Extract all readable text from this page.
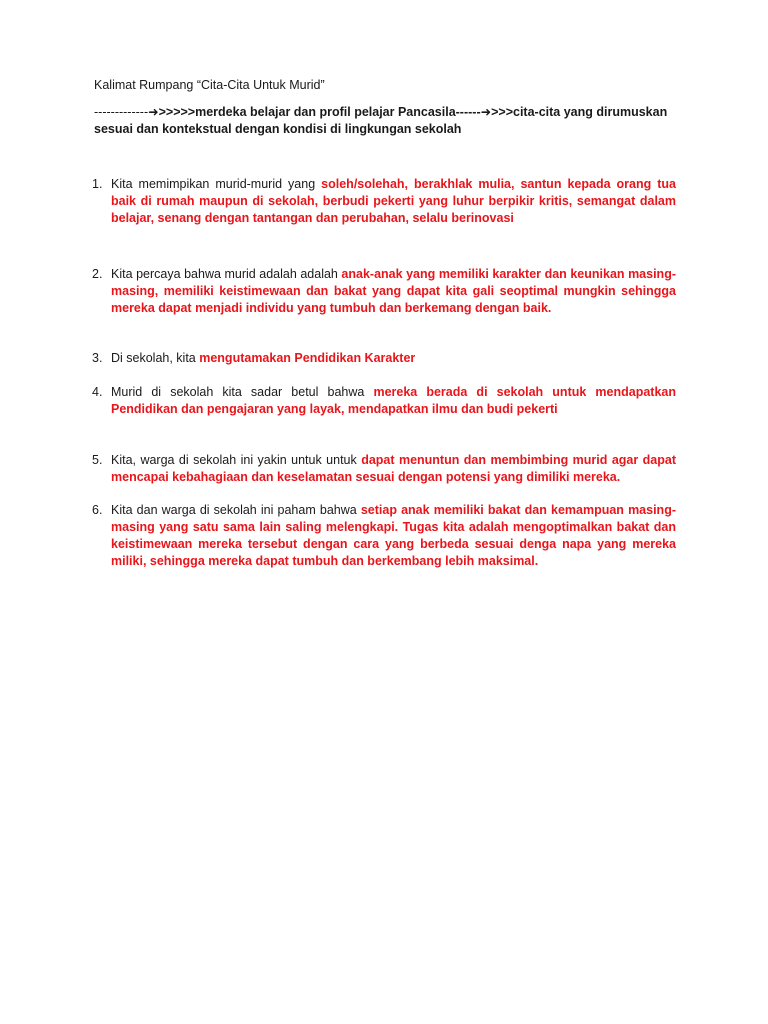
Kalimat Rumpang “Cita-Cita Untuk Murid”
-------------➜>>>>>merdeka belajar dan profil pelajar Pancasila------➜>>>cita-cita yang dirumuskan sesuai dan kontekstual dengan kondisi di lingkungan sekolah
1. Kita memimpikan murid-murid yang soleh/solehah, berakhlak mulia, santun kepada orang tua baik di rumah maupun di sekolah, berbudi pekerti yang luhur berpikir kritis, semangat dalam belajar, senang dengan tantangan dan perubahan, selalu berinovasi
2. Kita percaya bahwa murid adalah adalah anak-anak yang memiliki karakter dan keunikan masing-masing, memiliki keistimewaan dan bakat yang dapat kita gali seoptimal mungkin sehingga mereka dapat menjadi individu yang tumbuh dan berkemang dengan baik.
3. Di sekolah, kita mengutamakan Pendidikan Karakter
4. Murid di sekolah kita sadar betul bahwa mereka berada di sekolah untuk mendapatkan Pendidikan dan pengajaran yang layak, mendapatkan ilmu dan budi pekerti
5. Kita, warga di sekolah ini yakin untuk untuk dapat menuntun dan membimbing murid agar dapat mencapai kebahagiaan dan keselamatan sesuai dengan potensi yang dimiliki mereka.
6. Kita dan warga di sekolah ini paham bahwa setiap anak memiliki bakat dan kemampuan masing-masing yang satu sama lain saling melengkapi. Tugas kita adalah mengoptimalkan bakat dan keistimewaan mereka tersebut dengan cara yang berbeda sesuai denga napa yang mereka miliki, sehingga mereka dapat tumbuh dan berkembang lebih maksimal.
